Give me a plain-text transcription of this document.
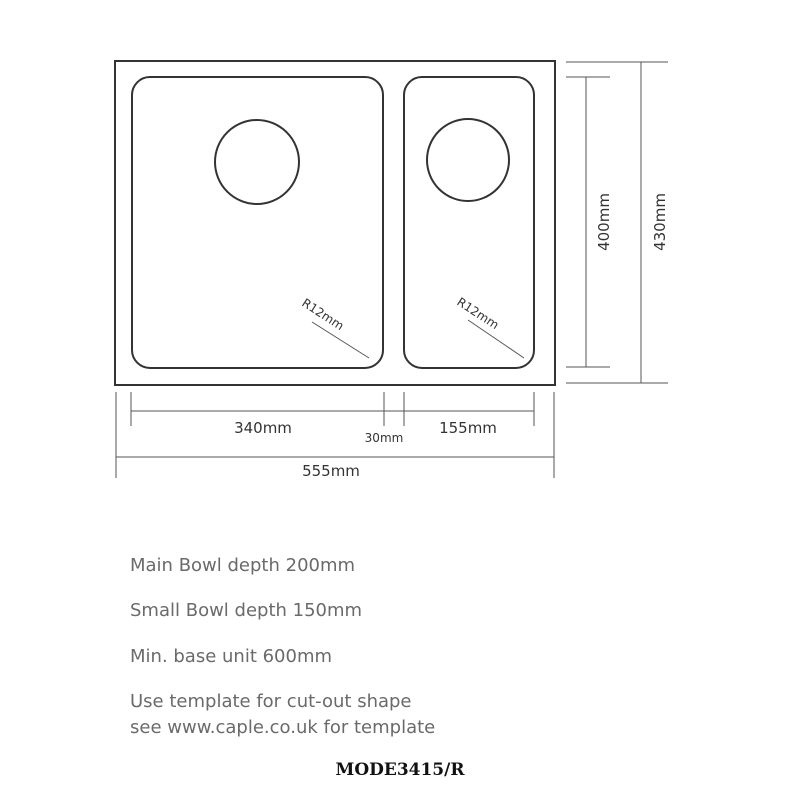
R12mm	R12mm
400mm	430mm
340mm
30mm
155mm
555mm
Main Bowl depth 200mm
Small Bowl depth 150mm
Min. base unit 600mm
Use template for cut-out shape
see www.caple.co.uk for template
MODE3415/R
